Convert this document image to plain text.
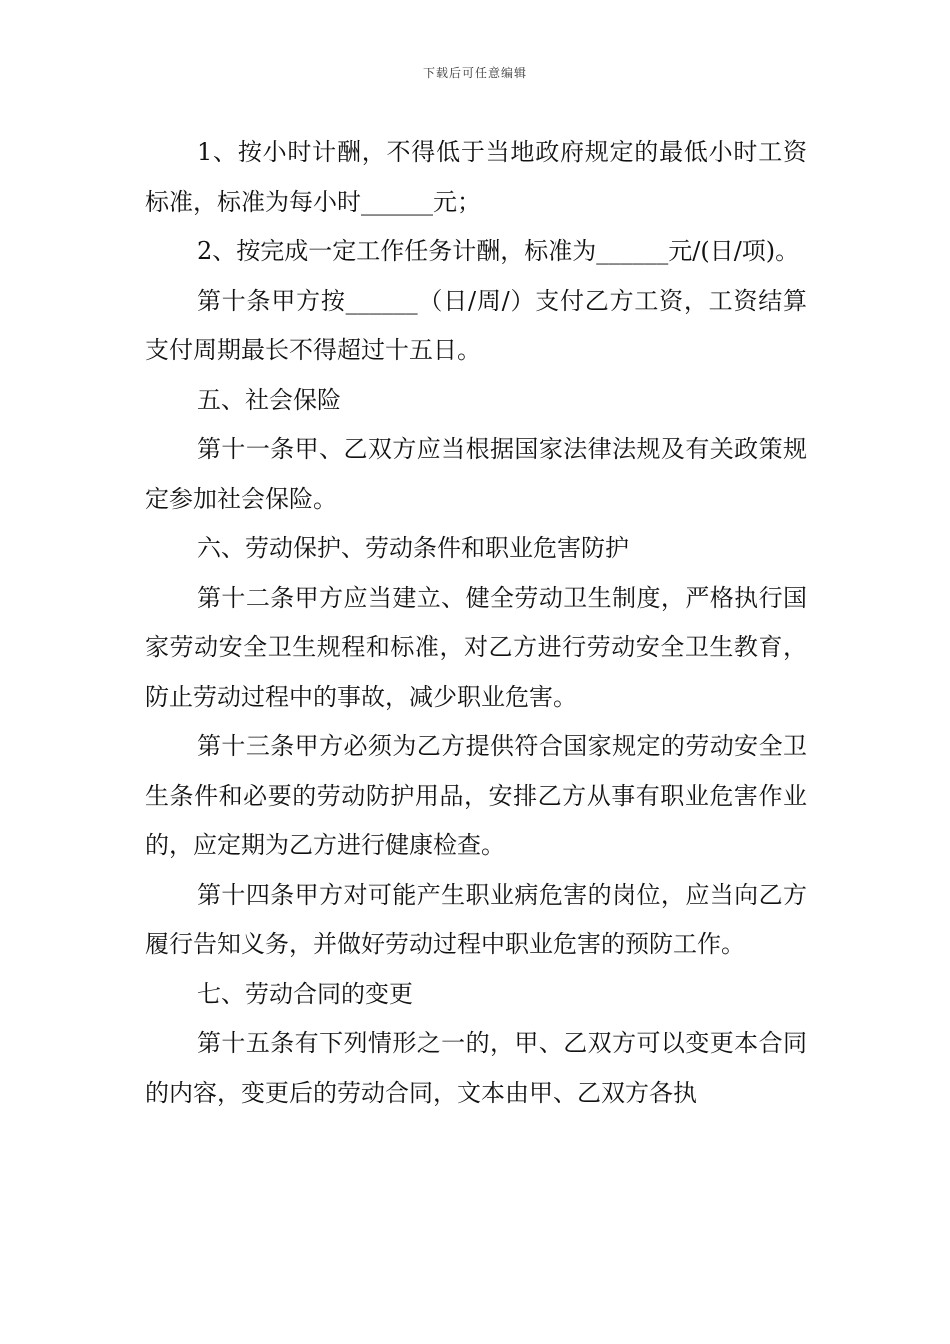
下载后可任意编辑

1、按小时计酬，不得低于当地政府规定的最低小时工资标准，标准为每小时______元；

2、按完成一定工作任务计酬，标准为______元/(日/项)。

第十条甲方按______（日/周/）支付乙方工资，工资结算支付周期最长不得超过十五日。

五、社会保险

第十一条甲、乙双方应当根据国家法律法规及有关政策规定参加社会保险。

六、劳动保护、劳动条件和职业危害防护

第十二条甲方应当建立、健全劳动卫生制度，严格执行国家劳动安全卫生规程和标准，对乙方进行劳动安全卫生教育，防止劳动过程中的事故，减少职业危害。

第十三条甲方必须为乙方提供符合国家规定的劳动安全卫生条件和必要的劳动防护用品，安排乙方从事有职业危害作业的，应定期为乙方进行健康检查。

第十四条甲方对可能产生职业病危害的岗位，应当向乙方履行告知义务，并做好劳动过程中职业危害的预防工作。

七、劳动合同的变更

第十五条有下列情形之一的，甲、乙双方可以变更本合同的内容，变更后的劳动合同，文本由甲、乙双方各执
